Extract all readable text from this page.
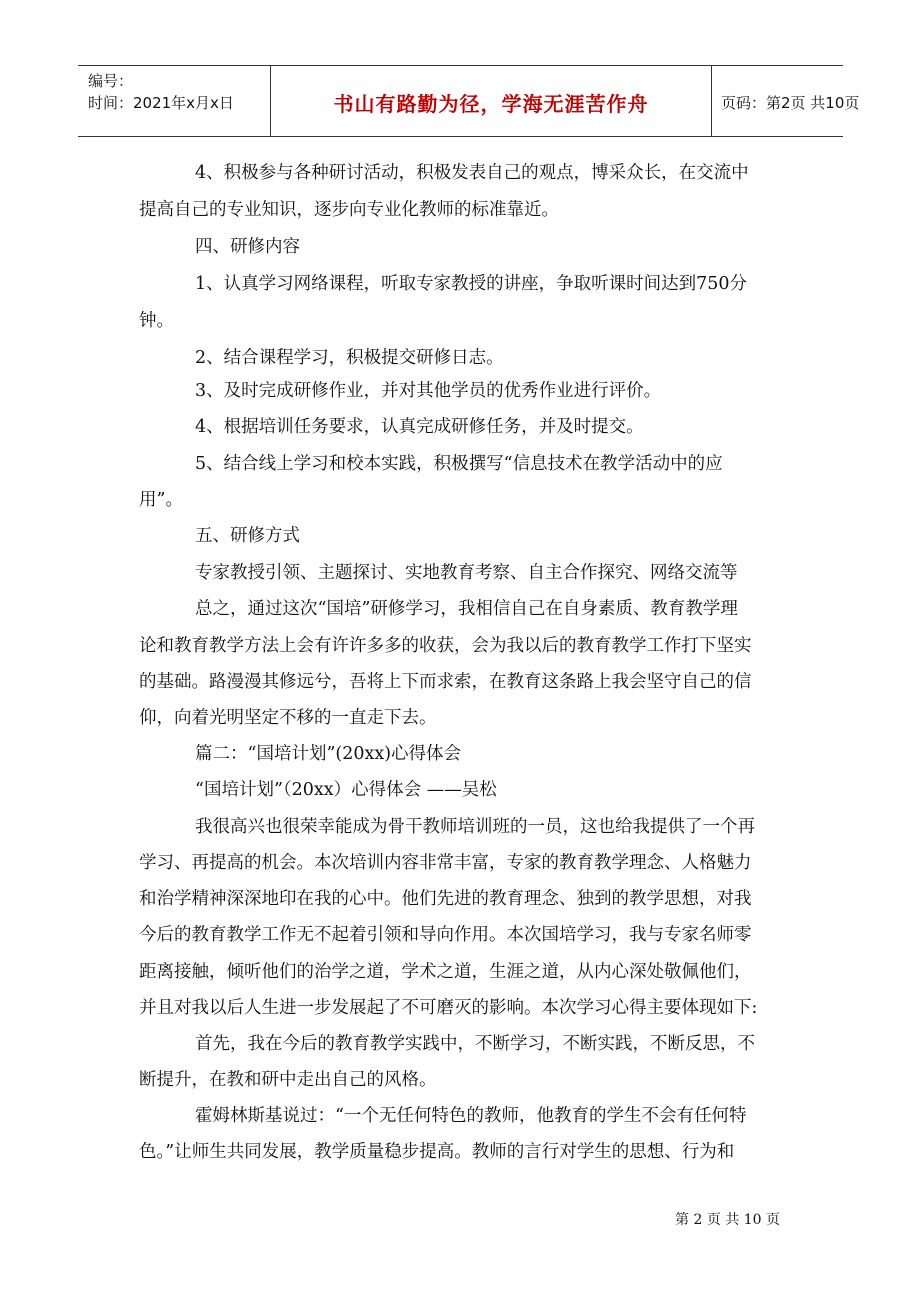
编号：
时间：2021年x月x日	书山有路勤为径，学海无涯苦作舟	页码：第2页 共10页
4、积极参与各种研讨活动，积极发表自己的观点，博采众长，在交流中
提高自己的专业知识，逐步向专业化教师的标准靠近。
四、研修内容
1、认真学习网络课程，听取专家教授的讲座，争取听课时间达到750分
钟。
2、结合课程学习，积极提交研修日志。
3、及时完成研修作业，并对其他学员的优秀作业进行评价。
4、根据培训任务要求，认真完成研修任务，并及时提交。
5、结合线上学习和校本实践，积极撰写“信息技术在教学活动中的应
用”。
五、研修方式
专家教授引领、主题探讨、实地教育考察、自主合作探究、网络交流等
总之，通过这次“国培”研修学习，我相信自己在自身素质、教育教学理
论和教育教学方法上会有许许多多的收获，会为我以后的教育教学工作打下坚实
的基础。路漫漫其修远兮，吾将上下而求索，在教育这条路上我会坚守自己的信
仰，向着光明坚定不移的一直走下去。
篇二：“国培计划”(20xx)心得体会
“国培计划”（20xx）心得体会 ——吴松
我很高兴也很荣幸能成为骨干教师培训班的一员，这也给我提供了一个再
学习、再提高的机会。本次培训内容非常丰富，专家的教育教学理念、人格魅力
和治学精神深深地印在我的心中。他们先进的教育理念、独到的教学思想，对我
今后的教育教学工作无不起着引领和导向作用。本次国培学习，我与专家名师零
距离接触，倾听他们的治学之道，学术之道，生涯之道，从内心深处敬佩他们，
并且对我以后人生进一步发展起了不可磨灭的影响。本次学习心得主要体现如下:
首先，我在今后的教育教学实践中，不断学习，不断实践，不断反思，不
断提升，在教和研中走出自己的风格。
霍姆林斯基说过：“一个无任何特色的教师，他教育的学生不会有任何特
色。”让师生共同发展，教学质量稳步提高。教师的言行对学生的思想、行为和
第 2 页 共 10 页
